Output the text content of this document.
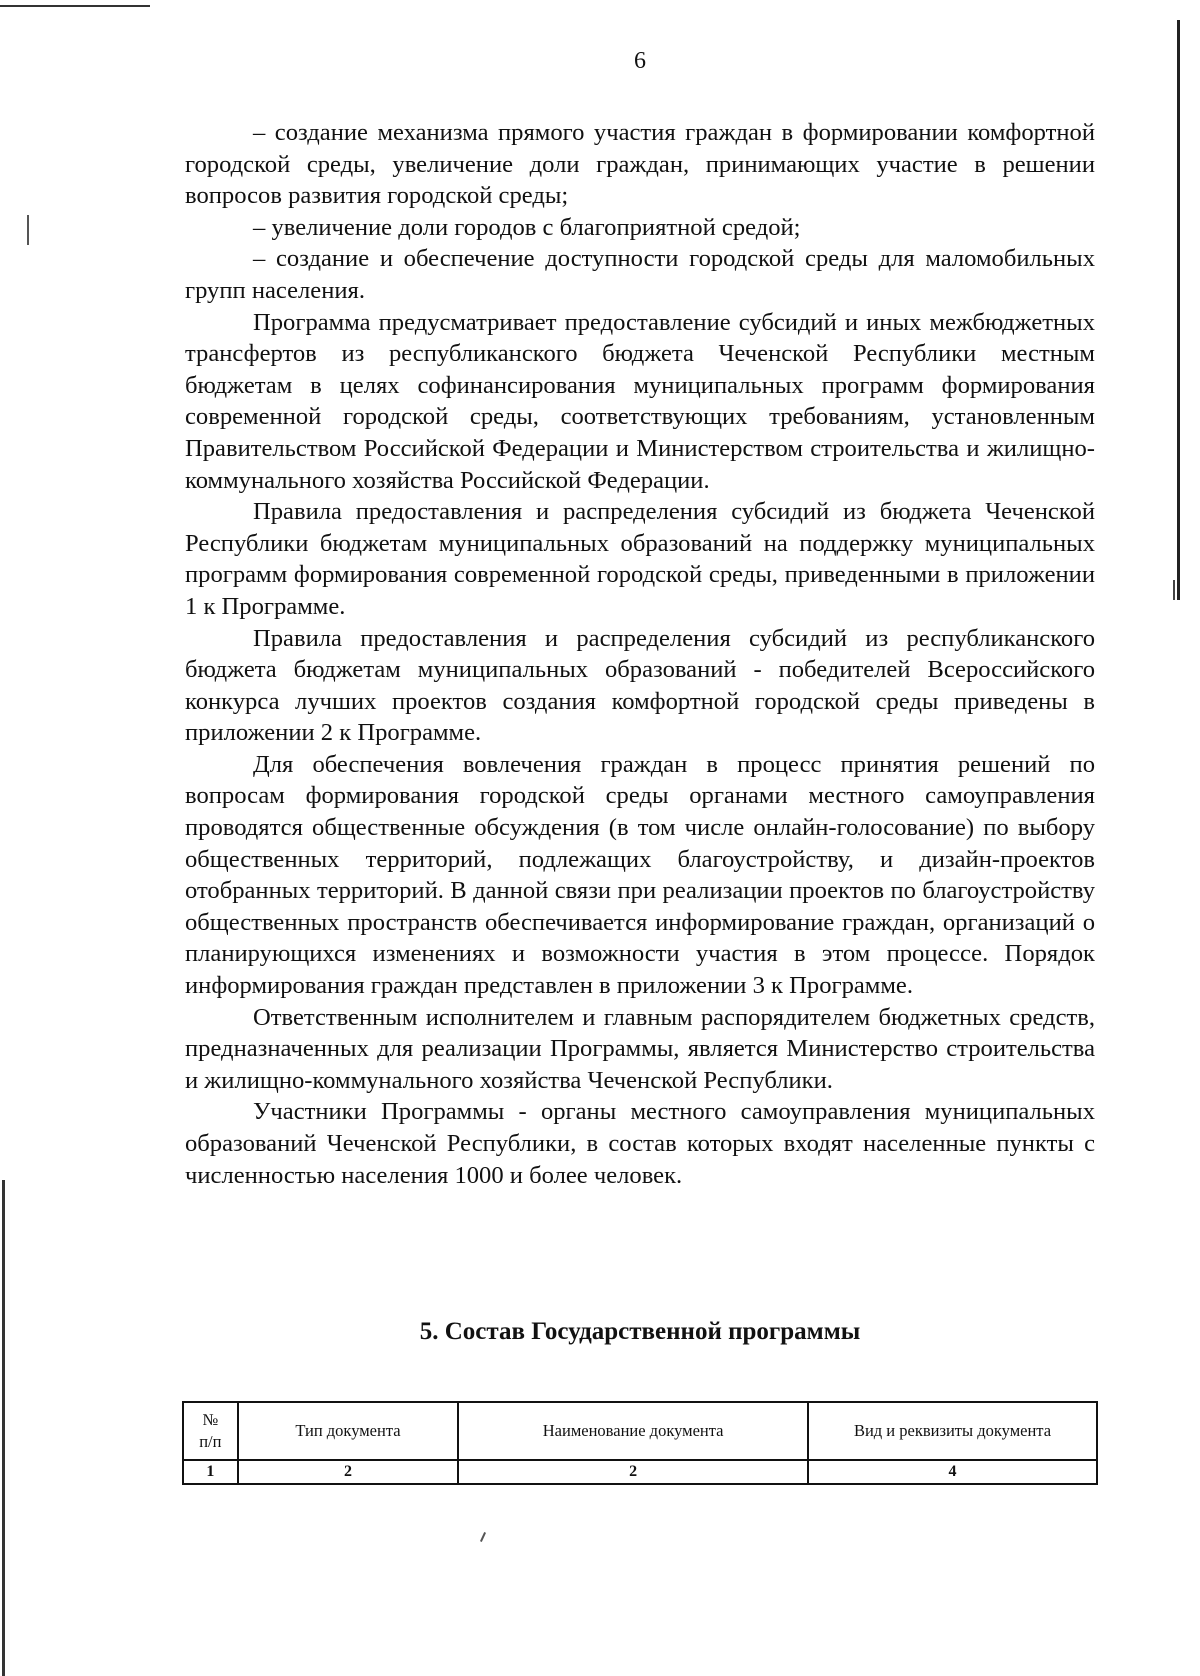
6

– создание механизма прямого участия граждан в формировании комфортной городской среды, увеличение доли граждан, принимающих участие в решении вопросов развития городской среды;

– увеличение доли городов с благоприятной средой;

– создание и обеспечение доступности городской среды для маломобильных групп населения.

Программа предусматривает предоставление субсидий и иных межбюджетных трансфертов из республиканского бюджета Чеченской Республики местным бюджетам в целях софинансирования муниципальных программ формирования современной городской среды, соответствующих требованиям, установленным Правительством Российской Федерации и Министерством строительства и жилищно-коммунального хозяйства Российской Федерации.

Правила предоставления и распределения субсидий из бюджета Чеченской Республики бюджетам муниципальных образований на поддержку муниципальных программ формирования современной городской среды, приведенными в приложении 1 к Программе.

Правила предоставления и распределения субсидий из республиканского бюджета бюджетам муниципальных образований - победителей Всероссийского конкурса лучших проектов создания комфортной городской среды приведены в приложении 2 к Программе.

Для обеспечения вовлечения граждан в процесс принятия решений по вопросам формирования городской среды органами местного самоуправления проводятся общественные обсуждения (в том числе онлайн-голосование) по выбору общественных территорий, подлежащих благоустройству, и дизайн-проектов отобранных территорий. В данной связи при реализации проектов по благоустройству общественных пространств обеспечивается информирование граждан, организаций о планирующихся изменениях и возможности участия в этом процессе. Порядок информирования граждан представлен в приложении 3 к Программе.

Ответственным исполнителем и главным распорядителем бюджетных средств, предназначенных для реализации Программы, является Министерство строительства и жилищно-коммунального хозяйства Чеченской Республики.

Участники Программы - органы местного самоуправления муниципальных образований Чеченской Республики, в состав которых входят населенные пункты с численностью населения 1000 и более человек.

5. Состав Государственной программы
№
п/п	Тип документа	Наименование документа	Вид и реквизиты документа
1	2	2	4
